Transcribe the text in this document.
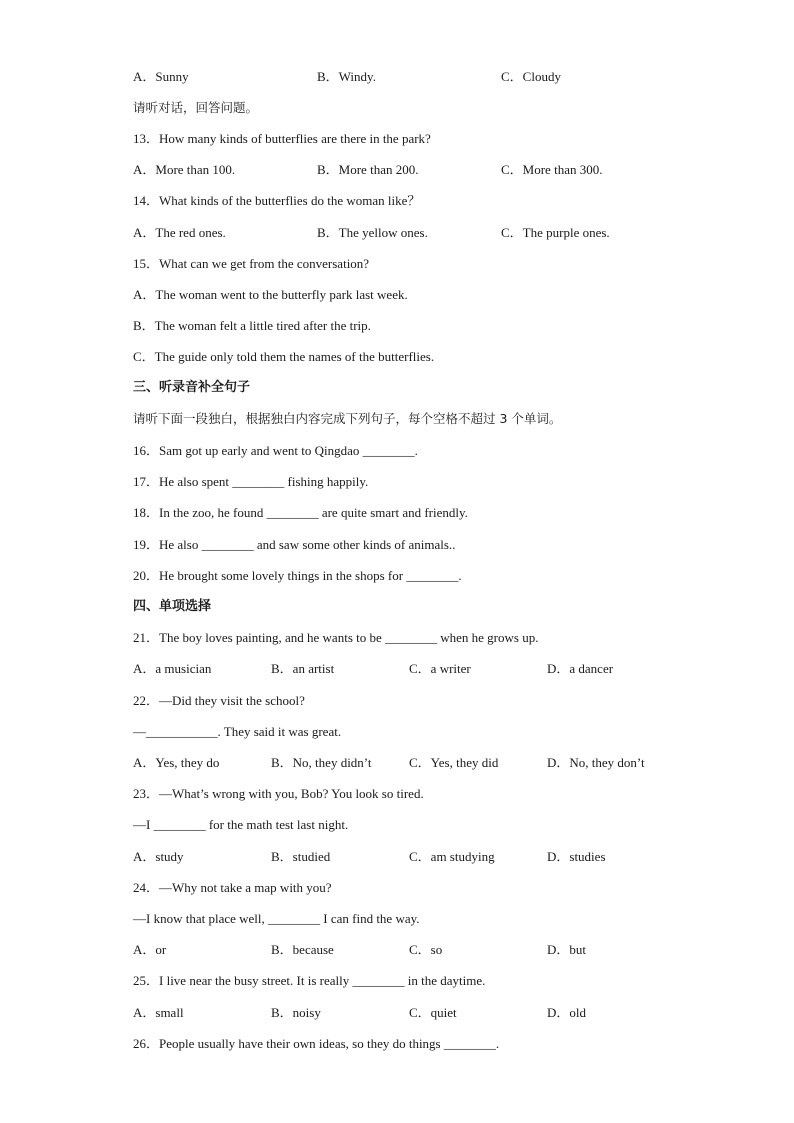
A．Sunny	B．Windy.	C．Cloudy
请听对话，回答问题。
13．How many kinds of butterflies are there in the park?
A．More than 100.	B．More than 200.	C．More than 300.
14．What kinds of the butterflies do the woman like？
A．The red ones.	B．The yellow ones.	C．The purple ones.
15．What can we get from the conversation?
A．The woman went to the butterfly park last week.
B．The woman felt a little tired after the trip.
C．The guide only told them the names of the butterflies.
三、听录音补全句子
请听下面一段独白，根据独白内容完成下列句子，每个空格不超过 3 个单词。
16．Sam got up early and went to Qingdao ________.
17．He also spent ________ fishing happily.
18．In the zoo, he found ________ are quite smart and friendly.
19．He also ________ and saw some other kinds of animals..
20．He brought some lovely things in the shops for ________.
四、单项选择
21．The boy loves painting, and he wants to be ________ when he grows up.
A．a musician	B．an artist	C．a writer	D．a dancer
22．—Did they visit the school?
—___________. They said it was great.
A．Yes, they do	B．No, they didn’t	C．Yes, they did	D．No, they don’t
23．—What’s wrong with you, Bob? You look so tired.
—I ________ for the math test last night.
A．study	B．studied	C．am studying	D．studies
24．—Why not take a map with you?
—I know that place well, ________ I can find the way.
A．or	B．because	C．so	D．but
25．I live near the busy street. It is really ________ in the daytime.
A．small	B．noisy	C．quiet	D．old
26．People usually have their own ideas, so they do things ________.
